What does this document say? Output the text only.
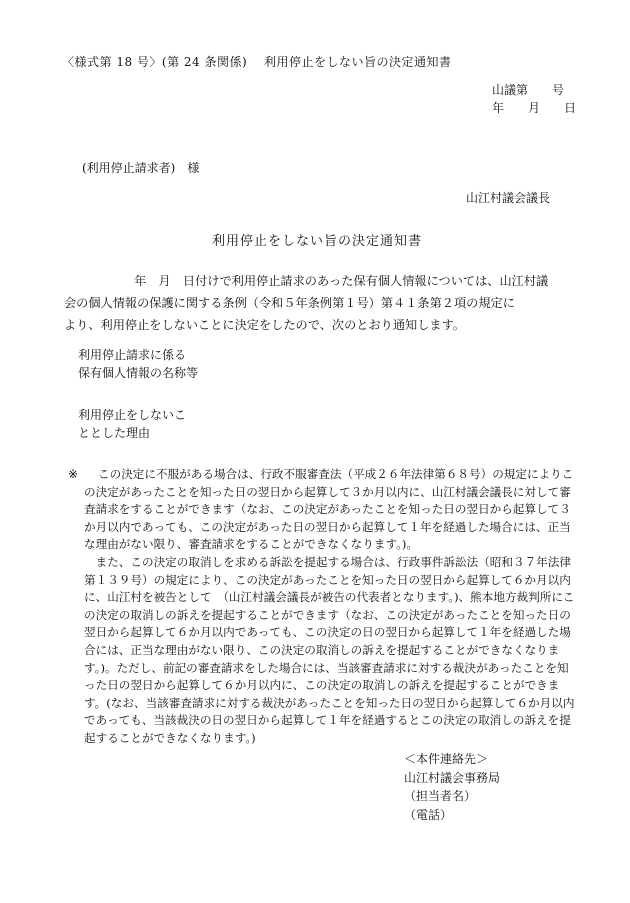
〈様式第 18 号〉(第 24 条関係)　 利用停止をしない旨の決定通知書
山議第　　号
年　　月　　日
(利用停止請求者)　様
山江村議会議長
利用停止をしない旨の決定通知書

　年　月　日付けで利用停止請求のあった保有個人情報については、山江村議

会の個人情報の保護に関する条例（令和５年条例第１号）第４１条第２項の規定に

より、利用停止をしないことに決定をしたので、次のとおり通知します。

利用停止請求に係る
保有個人情報の名称等
利用停止をしないこ
ととした理由
※	この決定に不服がある場合は、行政不服審査法（平成２６年法律第６８号）の規定によりこの決定があったことを知った日の翌日から起算して３か月以内に、山江村議会議長に対して審査請求をすることができます（なお、この決定があったことを知った日の翌日から起算して３か月以内であっても、この決定があった日の翌日から起算して１年を経過した場合には、正当な理由がない限り、審査請求をすることができなくなります。)。

また、この決定の取消しを求める訴訟を提起する場合は、行政事件訴訟法（昭和３７年法律第１３９号）の規定により、この決定があったことを知った日の翌日から起算して６か月以内に、山江村を被告として　（山江村議会議長が被告の代表者となります。)、熊本地方裁判所にこの決定の取消しの訴えを提起することができます（なお、この決定があったことを知った日の翌日から起算して６か月以内であっても、この決定の日の翌日から起算して１年を経過した場合には、正当な理由がない限り、この決定の取消しの訴えを提起することができなくなります。)。ただし、前記の審査請求をした場合には、当該審査請求に対する裁決があったことを知った日の翌日から起算して６か月以内に、この決定の取消しの訴えを提起することができます。(なお、当該審査請求に対する裁決があったことを知った日の翌日から起算して６か月以内であっても、当該裁決の日の翌日から起算して１年を経過するとこの決定の取消しの訴えを提起することができなくなります。)

＜本件連絡先＞
山江村議会事務局
（担当者名）
（電話）
